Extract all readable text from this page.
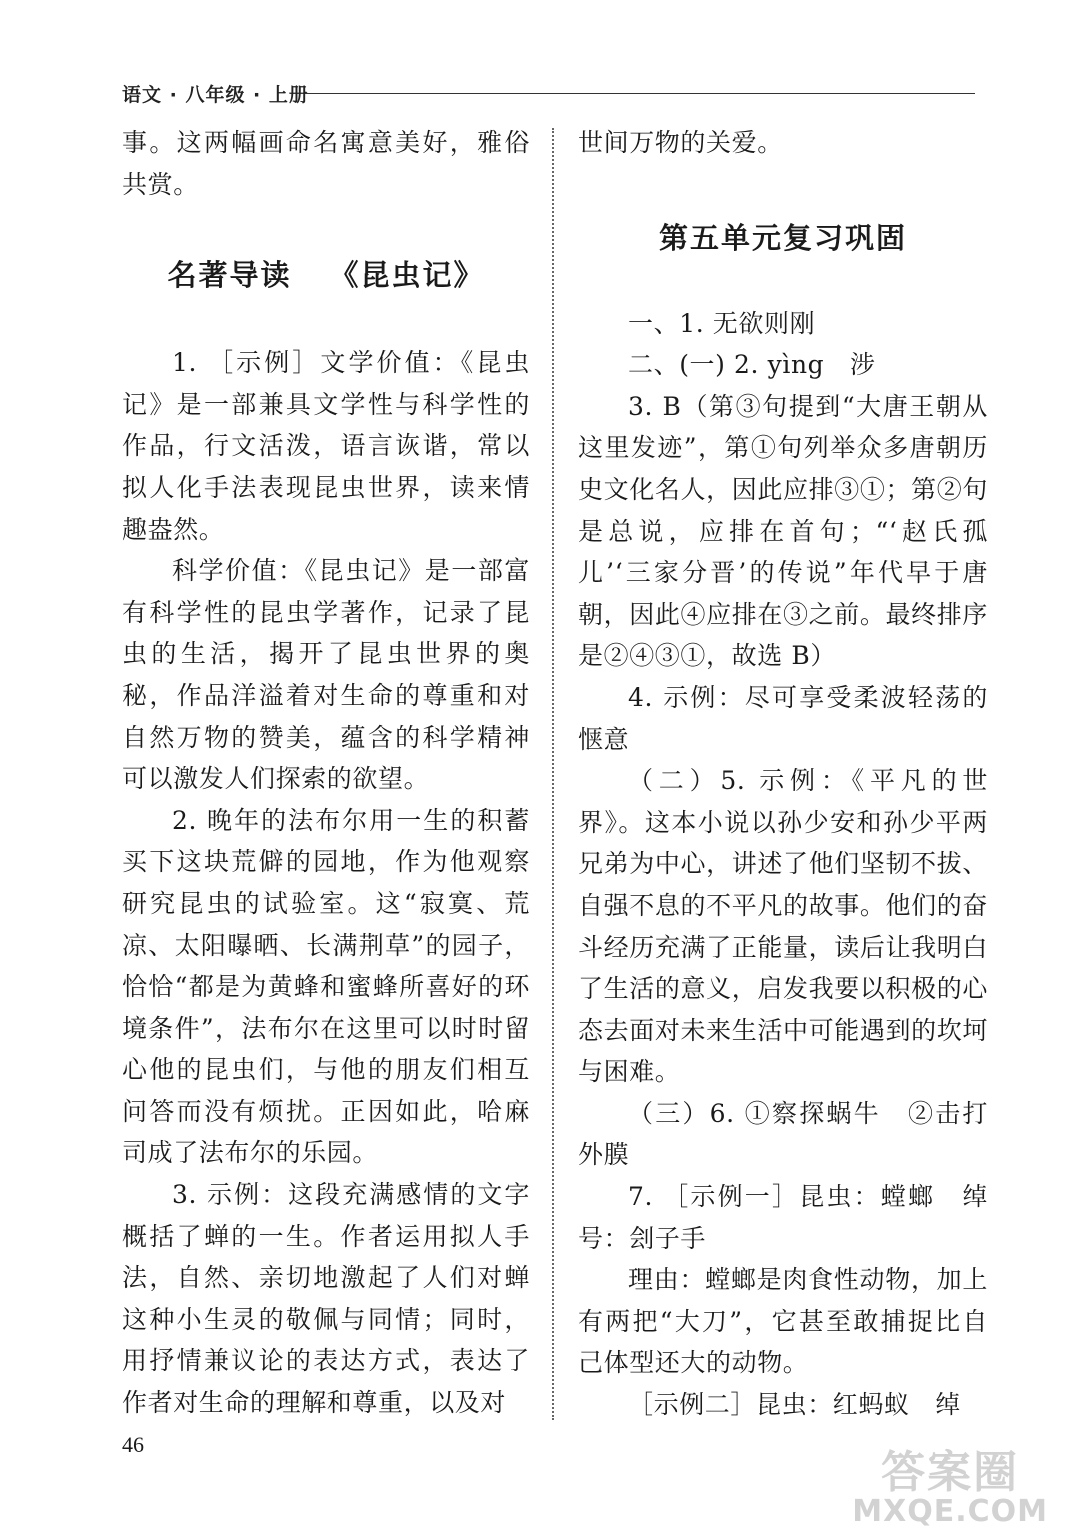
语文 · 八年级 · 上册

事。这两幅画命名寓意美好，雅俗共赏。

名著导读 《昆虫记》

1. ［示例］文学价值：《昆虫记》是一部兼具文学性与科学性的作品，行文活泼，语言诙谐，常以拟人化手法表现昆虫世界，读来情趣盎然。

科学价值：《昆虫记》是一部富有科学性的昆虫学著作，记录了昆虫的生活，揭开了昆虫世界的奥秘，作品洋溢着对生命的尊重和对自然万物的赞美，蕴含的科学精神可以激发人们探索的欲望。

2. 晚年的法布尔用一生的积蓄买下这块荒僻的园地，作为他观察研究昆虫的试验室。这“寂寞、荒凉、太阳曝晒、长满荆草”的园子，恰恰“都是为黄蜂和蜜蜂所喜好的环境条件”，法布尔在这里可以时时留心他的昆虫们，与他的朋友们相互问答而没有烦扰。正因如此，哈麻司成了法布尔的乐园。

3. 示例：这段充满感情的文字概括了蝉的一生。作者运用拟人手法，自然、亲切地激起了人们对蝉这种小生灵的敬佩与同情；同时，用抒情兼议论的表达方式，表达了作者对生命的理解和尊重，以及对

世间万物的关爱。

第五单元复习巩固

一、1. 无欲则刚

二、(一) 2. yìng　涉

3. B（第③句提到“大唐王朝从这里发迹”，第①句列举众多唐朝历史文化名人，因此应排③①；第②句是总说，应排在首句；“‘赵氏孤儿’‘三家分晋’的传说”年代早于唐朝，因此④应排在③之前。最终排序是②④③①，故选 B）

4. 示例：尽可享受柔波轻荡的惬意

（二）5. 示例：《平凡的世界》。这本小说以孙少安和孙少平两兄弟为中心，讲述了他们坚韧不拔、自强不息的不平凡的故事。他们的奋斗经历充满了正能量，读后让我明白了生活的意义，启发我要以积极的心态去面对未来生活中可能遇到的坎坷与困难。

（三）6. ①察探蜗牛　②击打外膜

7. ［示例一］昆虫：螳螂　绰号：刽子手

理由：螳螂是肉食性动物，加上有两把“大刀”，它甚至敢捕捉比自己体型还大的动物。

［示例二］昆虫：红蚂蚁　绰

46
答案圈
MXQE.COM
